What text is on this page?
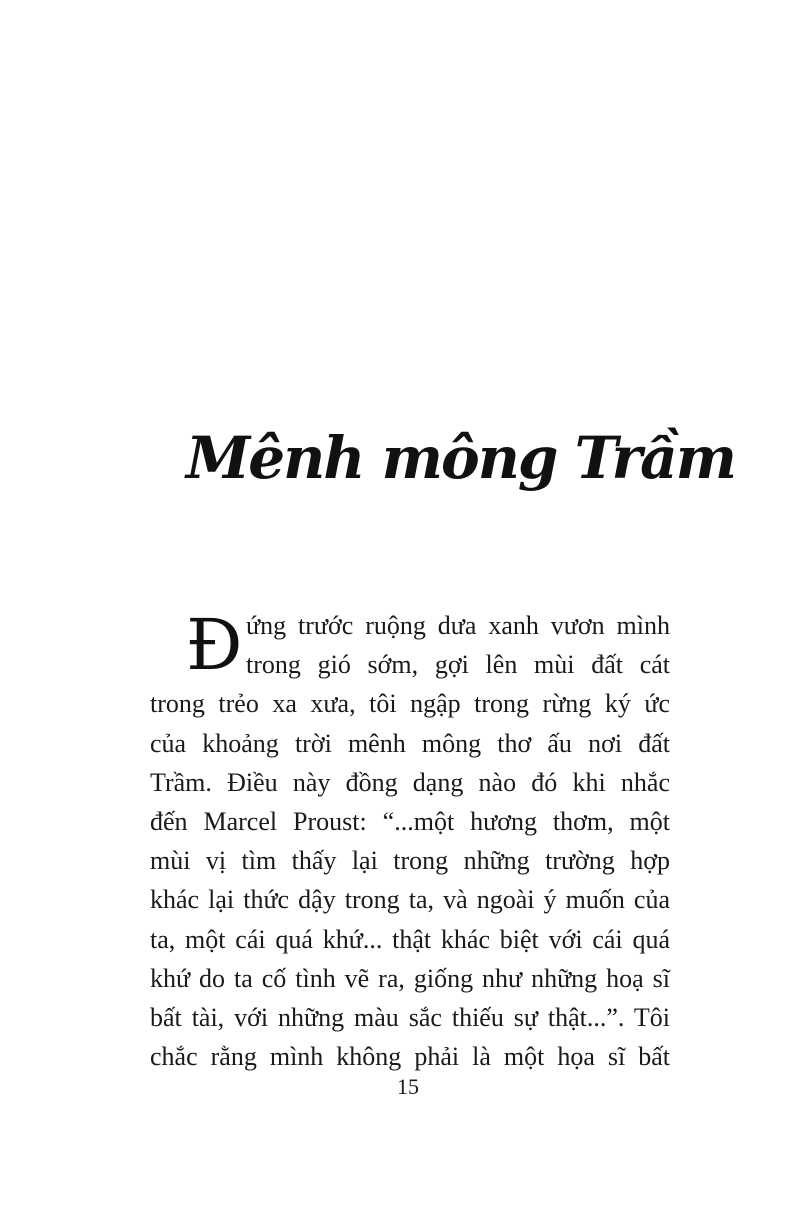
Mênh mông Trầm
Đ ứng trước ruộng dưa xanh vươn mình
trong gió sớm, gợi lên mùi đất cát
trong trẻo xa xưa, tôi ngập trong rừng ký ức
của khoảng trời mênh mông thơ ấu nơi đất
Trầm. Điều này đồng dạng nào đó khi nhắc
đến Marcel Proust: “...một hương thơm, một
mùi vị tìm thấy lại trong những trường hợp
khác lại thức dậy trong ta, và ngoài ý muốn của
ta, một cái quá khứ... thật khác biệt với cái quá
khứ do ta cố tình vẽ ra, giống như những hoạ sĩ
bất tài, với những màu sắc thiếu sự thật...”. Tôi
chắc rằng mình không phải là một họa sĩ bất
15
